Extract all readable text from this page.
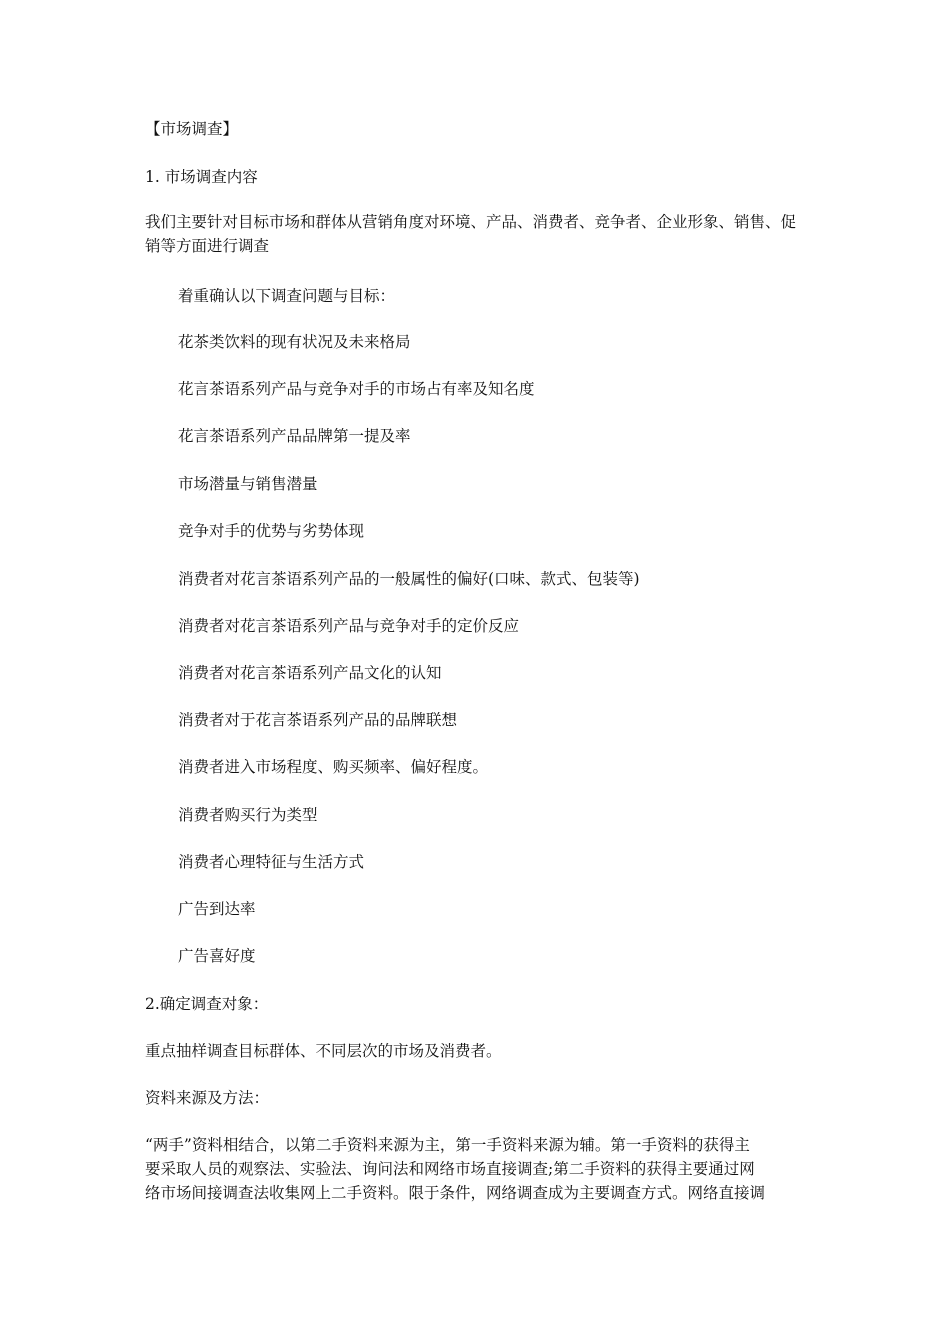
【市场调查】
1. 市场调查内容
我们主要针对目标市场和群体从营销角度对环境、产品、消费者、竞争者、企业形象、销售、促
销等方面进行调查
着重确认以下调查问题与目标：
花茶类饮料的现有状况及未来格局
花言茶语系列产品与竞争对手的市场占有率及知名度
花言茶语系列产品品牌第一提及率
市场潜量与销售潜量
竞争对手的优势与劣势体现
消费者对花言茶语系列产品的一般属性的偏好(口味、款式、包装等)
消费者对花言茶语系列产品与竞争对手的定价反应
消费者对花言茶语系列产品文化的认知
消费者对于花言茶语系列产品的品牌联想
消费者进入市场程度、购买频率、偏好程度。
消费者购买行为类型
消费者心理特征与生活方式
广告到达率
广告喜好度
2.确定调查对象：
重点抽样调查目标群体、不同层次的市场及消费者。
资料来源及方法：
“两手”资料相结合，以第二手资料来源为主，第一手资料来源为辅。第一手资料的获得主
要采取人员的观察法、实验法、询问法和网络市场直接调查;第二手资料的获得主要通过网
络市场间接调查法收集网上二手资料。限于条件，网络调查成为主要调查方式。网络直接调
